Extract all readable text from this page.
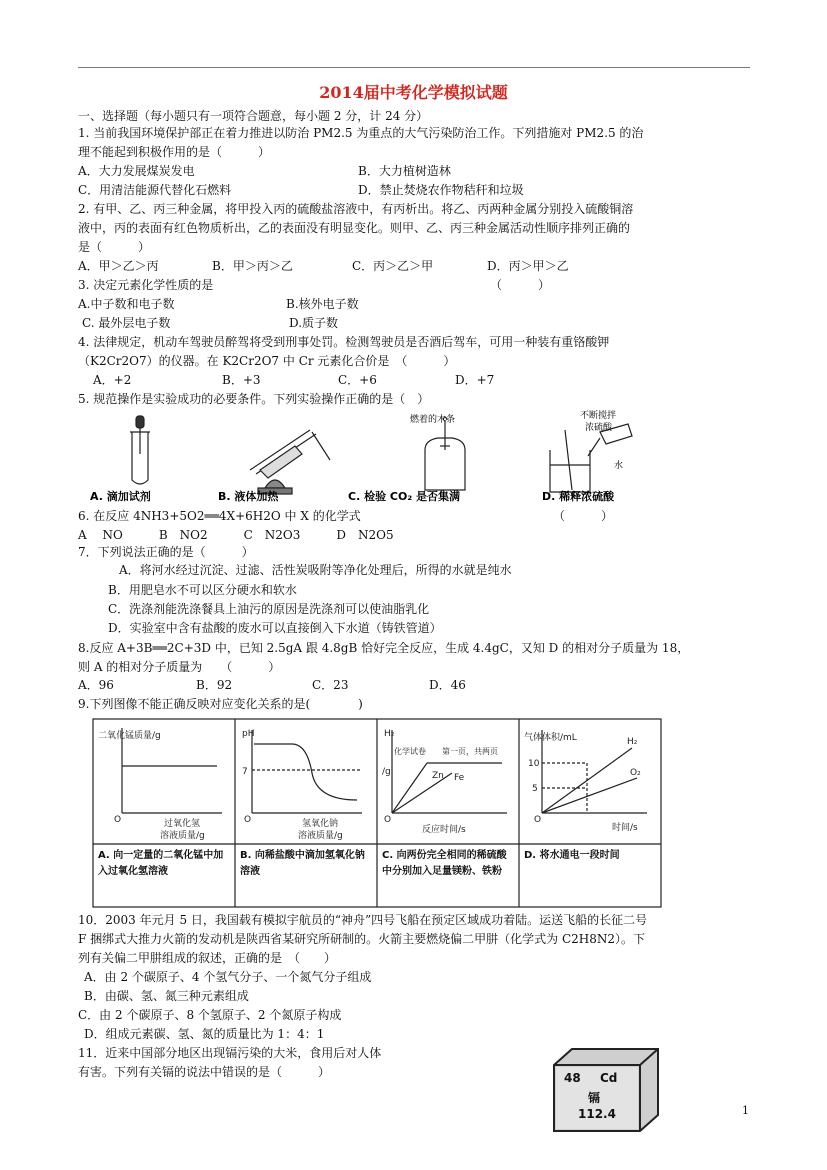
2014届中考化学模拟试题
一、选择题（每小题只有一项符合题意，每小题 2 分，计 24 分）
1. 当前我国环境保护部正在着力推进以防治 PM2.5 为重点的大气污染防治工作。下列措施对 PM2.5 的治
理不能起到积极作用的是（　　　）
A．大力发展煤炭发电	B．大力植树造林
C．用清洁能源代替化石燃料	D．禁止焚烧农作物秸秆和垃圾
2. 有甲、乙、丙三种金属，将甲投入丙的硫酸盐溶液中，有丙析出。将乙、丙两种金属分别投入硫酸铜溶
液中，丙的表面有红色物质析出，乙的表面没有明显变化。则甲、乙、丙三种金属活动性顺序排列正确的
是（　　　）
A．甲＞乙＞丙	B．甲＞丙＞乙	C．丙＞乙＞甲	D．丙＞甲＞乙
3. 决定元素化学性质的是	（　　　）
A.中子数和电子数	B.核外电子数
C. 最外层电子数	D.质子数
4. 法律规定，机动车驾驶员醉驾将受到刑事处罚。检测驾驶员是否酒后驾车，可用一种装有重铬酸钾
（K2Cr2O7）的仪器。在 K2Cr2O7 中 Cr 元素化合价是　（　　　）
A．+2	B．+3	C．+6	D．+7
5. 规范操作是实验成功的必要条件。下列实验操作正确的是（　）
燃着的木条	不断搅拌
浓硫酸
水
A. 滴加试剂	B. 液体加热	C. 检验 CO₂ 是否集满	D. 稀释浓硫酸
6. 在反应 4NH3+5O2══4X+6H2O 中 X 的化学式	（　　　）
A　 NO　　　B　NO2　　　C　N2O3　　　D　N2O5
7．下列说法正确的是（　　　）
A．将河水经过沉淀、过滤、活性炭吸附等净化处理后，所得的水就是纯水
B．用肥皂水不可以区分硬水和软水
C．洗涤剂能洗涤餐具上油污的原因是洗涤剂可以使油脂乳化
D．实验室中含有盐酸的废水可以直接倒入下水道（铸铁管道）
8.反应 A+3B══2C+3D 中，已知 2.5gA 跟 4.8gB 恰好完全反应，生成 4.4gC，又知 D 的相对分子质量为 18，
则 A 的相对分子质量为　　（　　　）
A．96	B．92	C．23	D．46
9.下列图像不能正确反映对应变化关系的是(　　　　)
二氧化锰质量/g
O	过氧化氢
溶液质量/g
pH
7
O	氢氧化钠
溶液质量/g
H₂
/g
化学试卷　　第一页，共两页
Zn Fe
O
反应时间/s
气体体积/mL
10
5
H₂
O₂
O
时间/s
A. 向一定量的二氧化锰中加入过氧化氢溶液
B. 向稀盐酸中滴加氢氧化钠溶液
C. 向两份完全相同的稀硫酸中分别加入足量镁粉、铁粉
D. 将水通电一段时间
10．2003 年元月 5 日，我国载有模拟宇航员的“神舟”四号飞船在预定区域成功着陆。运送飞船的长征二号
F 捆绑式大推力火箭的发动机是陕西省某研究所研制的。火箭主要燃烧偏二甲肼（化学式为 C2H8N2）。下
列有关偏二甲肼组成的叙述，正确的是　（　　）
A．由 2 个碳原子、4 个氢气分子、一个氮气分子组成
B．由碳、氢、氮三种元素组成
C．由 2 个碳原子、8 个氢原子、2 个氮原子构成
D．组成元素碳、氢、氮的质量比为 1：4：1
11．近来中国部分地区出现镉污染的大米，食用后对人体
有害。下列有关镉的说法中错误的是（　　　）	48 Cd
镉
112.4	1
